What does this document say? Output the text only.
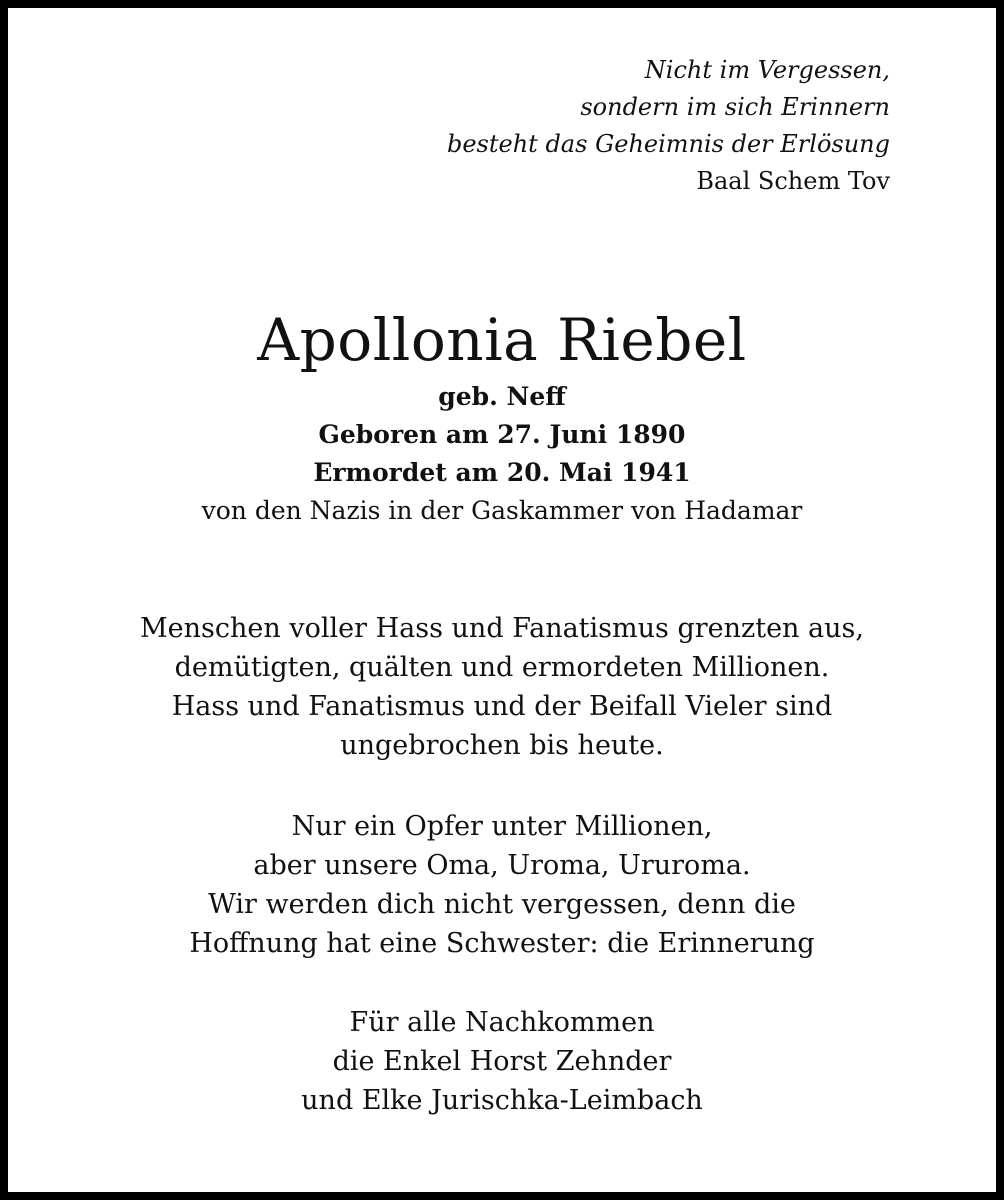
Nicht im Vergessen,
sondern im sich Erinnern
besteht das Geheimnis der Erlösung
Baal Schem Tov
Apollonia Riebel
geb. Neff
Geboren am 27. Juni 1890
Ermordet am 20. Mai 1941
von den Nazis in der Gaskammer von Hadamar
Menschen voller Hass und Fanatismus grenzten aus,
demütigten, quälten und ermordeten Millionen.
Hass und Fanatismus und der Beifall Vieler sind
ungebrochen bis heute.
Nur ein Opfer unter Millionen,
aber unsere Oma, Uroma, Ururoma.
Wir werden dich nicht vergessen, denn die
Hoffnung hat eine Schwester: die Erinnerung
Für alle Nachkommen
die Enkel Horst Zehnder
und Elke Jurischka-Leimbach
